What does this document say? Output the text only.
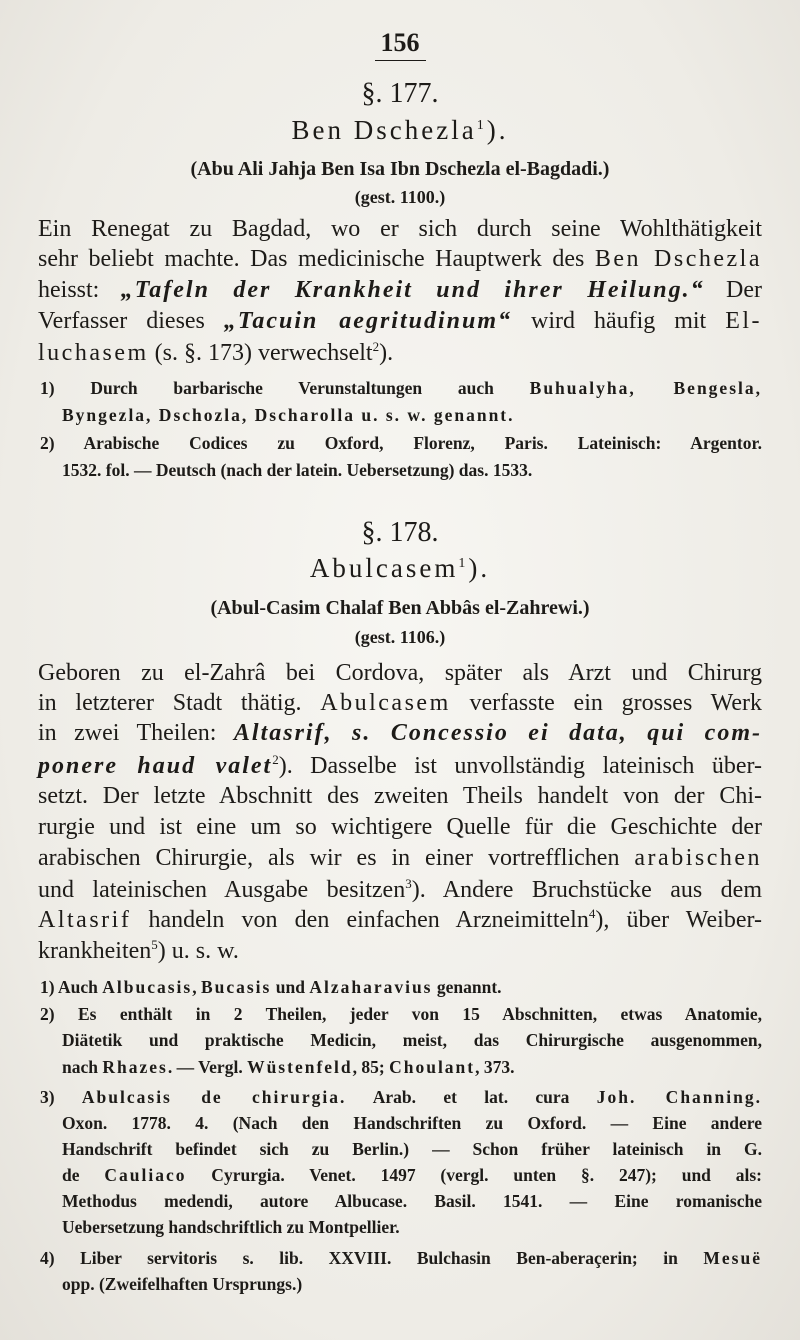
156
§. 177.
Ben Dschezla$^1$).
(Abu Ali Jahja Ben Isa Ibn Dschezla el-Bagdadi.)
(gest. 1100.)
Ein Renegat zu Bagdad, wo er sich durch seine Wohlthätigkeit
sehr beliebt machte. Das medicinische Hauptwerk des Ben Dschezla
heisst: „Tafeln der Krankheit und ihrer Heilung.“ Der
Verfasser dieses „Tacuin aegritudinum“ wird häufig mit El-
luchasem (s. §. 173) verwechselt$^2$).
1) Durch barbarische Verunstaltungen auch Buhualyha, Bengesla,
Byngezla, Dschozla, Dscharolla u. s. w. genannt.
2) Arabische Codices zu Oxford, Florenz, Paris. Lateinisch: Argentor.
1532. fol. — Deutsch (nach der latein. Uebersetzung) das. 1533.
§. 178.
Abulcasem$^1$).
(Abul-Casim Chalaf Ben Abbâs el-Zahrewi.)
(gest. 1106.)
Geboren zu el-Zahrâ bei Cordova, später als Arzt und Chirurg
in letzterer Stadt thätig. Abulcasem verfasste ein grosses Werk
in zwei Theilen: Altasrif, s. Concessio ei data, qui com-
ponere haud valet$^2$). Dasselbe ist unvollständig lateinisch über-
setzt. Der letzte Abschnitt des zweiten Theils handelt von der Chi-
rurgie und ist eine um so wichtigere Quelle für die Geschichte der
arabischen Chirurgie, als wir es in einer vortrefflichen arabischen
und lateinischen Ausgabe besitzen$^3$). Andere Bruchstücke aus dem
Altasrif handeln von den einfachen Arzneimitteln$^4$), über Weiber-
krankheiten$^5$) u. s. w.
1) Auch Albucasis, Bucasis und Alzaharavius genannt.
2) Es enthält in 2 Theilen, jeder von 15 Abschnitten, etwas Anatomie,
Diätetik und praktische Medicin, meist, das Chirurgische ausgenommen,
nach Rhazes. — Vergl. Wüstenfeld, 85; Choulant, 373.
3) Abulcasis de chirurgia. Arab. et lat. cura Joh. Channing.
Oxon. 1778. 4. (Nach den Handschriften zu Oxford. — Eine andere
Handschrift befindet sich zu Berlin.) — Schon früher lateinisch in G.
de Cauliaco Cyrurgia. Venet. 1497 (vergl. unten §. 247); und als:
Methodus medendi, autore Albucase. Basil. 1541. — Eine romanische
Uebersetzung handschriftlich zu Montpellier.
4) Liber servitoris s. lib. XXVIII. Bulchasin Ben-aberaçerin; in Mesuë
opp. (Zweifelhaften Ursprungs.)
